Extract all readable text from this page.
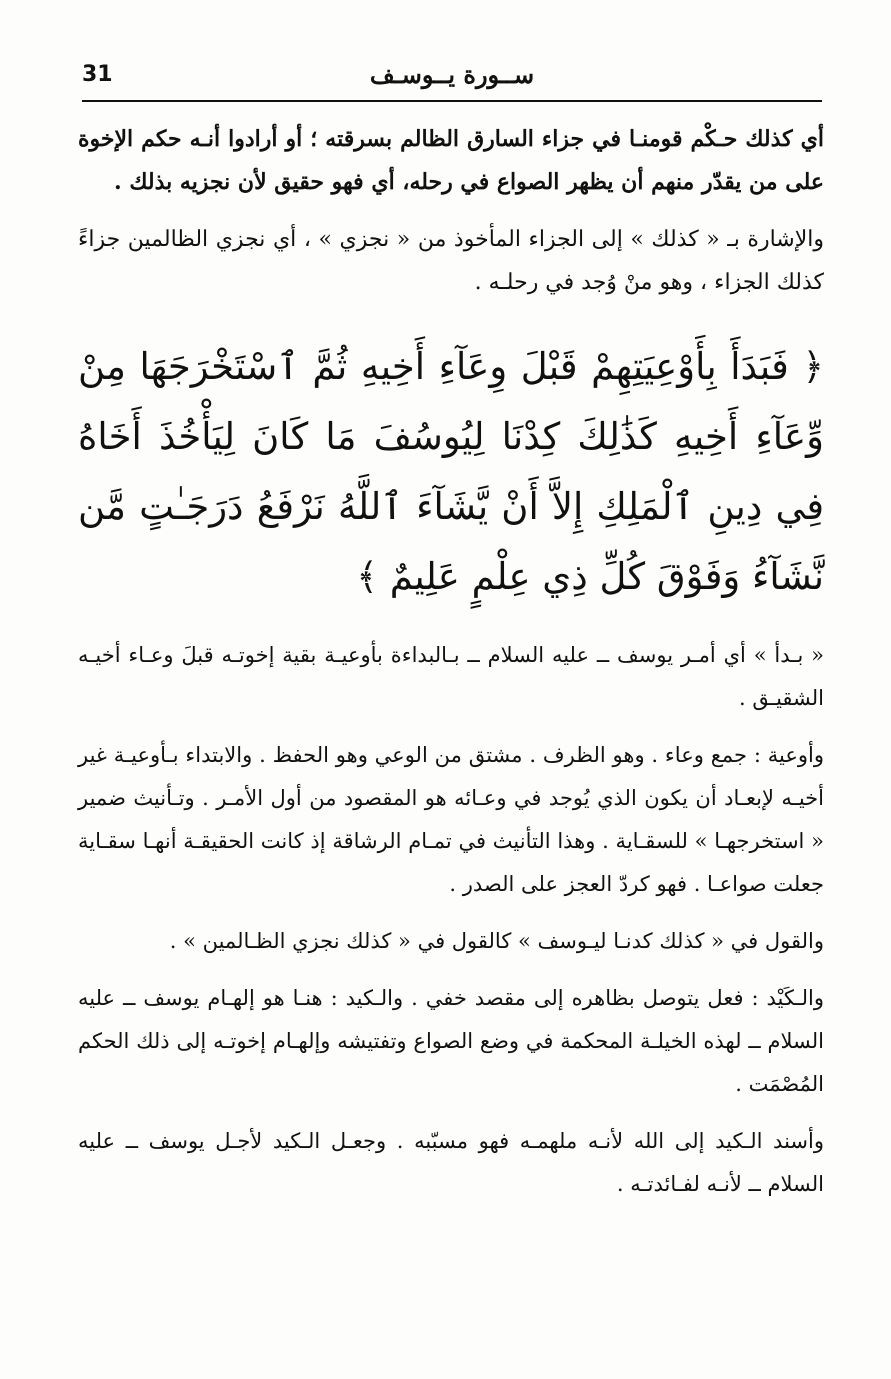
31	ســورة يــوسـف

أي كذلك حـكْم قومنـا في جزاء السارق الظالم بسرقته ؛ أو أرادوا أنـه حكم الإخوة على من يقدّر منهم أن يظهر الصواع في رحله، أي فهو حقيق لأن نجزيه بذلك .

والإشارة بـ « كذلك » إلى الجزاء المأخوذ من « نجزي » ، أي نجزي الظالمين جزاءً كذلك الجزاء ، وهو منْ وُجد في رحلـه .

﴿ فَبَدَأَ بِأَوْعِيَتِهِمْ قَبْلَ وِعَآءِ أَخِيهِ ثُمَّ ٱسْتَخْرَجَهَا مِنْ وِّعَآءِ أَخِيهِ كَذَٰلِكَ كِدْنَا لِيُوسُفَ مَا كَانَ لِيَأْخُذَ أَخَاهُ فِي دِينِ ٱلْمَلِكِ إِلاَّ أَنْ يَّشَآءَ ٱللَّهُ نَرْفَعُ دَرَجَـٰتٍ مَّن نَّشَآءُ وَفَوْقَ كُلِّ ذِي عِلْمٍ عَلِيمٌ ﴾

« بـدأ » أي أمـر يوسف ــ عليه السلام ــ بـالبداءة بأوعيـة بقية إخوتـه قبلَ وعـاء أخيـه الشقيـق .

وأوعية : جمع وعاء . وهو الظرف . مشتق من الوعي وهو الحفظ . والابتداء بـأوعيـة غير أخيـه لإبعـاد أن يكون الذي يُوجد في وعـائه هو المقصود من أول الأمـر . وتـأنيث ضمير « استخرجهـا » للسقـاية . وهذا التأنيث في تمـام الرشاقة إذ كانت الحقيقـة أنهـا سقـاية جعلت صواعـا . فهو كردّ العجز على الصدر .

والقول في « كذلك كدنـا ليـوسف » كالقول في « كذلك نجزي الظـالمين » .

والـكَيْد : فعل يتوصل بظاهره إلى مقصد خفي . والـكيد : هنـا هو إلهـام يوسف ــ عليه السلام ــ لهذه الخيلـة المحكمة في وضع الصواع وتفتيشه وإلهـام إخوتـه إلى ذلك الحكم المُصْمَت .

وأسند الـكيد إلى الله لأنـه ملهمـه فهو مسبّبه . وجعـل الـكيد لأجـل يوسف ــ عليه السلام ــ لأنـه لفـائدتـه .
